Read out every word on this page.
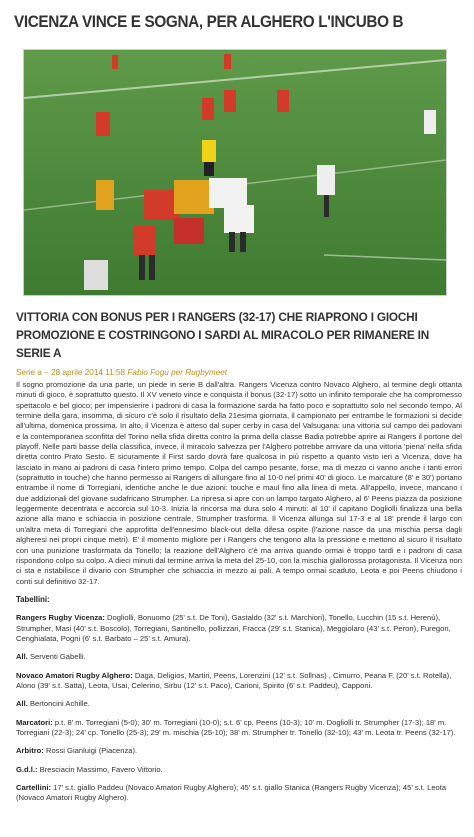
VICENZA VINCE E SOGNA, PER ALGHERO L'INCUBO B
VITTORIA CON BONUS PER I RANGERS (32-17) CHE RIAPRONO I GIOCHI PROMOZIONE E COSTRINGONO I SARDI AL MIRACOLO PER RIMANERE IN SERIE A
Serie a – 28 aprile 2014 11:58 Fabio Fogu per Rugbymeet
Il sogno promozione da una parte, un piede in serie B dall'altra. Rangers Vicenza contro Novaco Alghero, al termine degli ottanta minuti di gioco, è soprattutto questo. Il XV veneto vince e conquista il bonus (32-17) sotto un infinito temporale che ha compromesso spettacolo e bel gioco; per impensierire i padroni di casa la formazione sarda ha fatto poco e soprattutto solo nel secondo tempo. Al termine della gara, insomma, di sicuro c'è solo il risultato della 21esima giornata, il campionato per entrambe le formazioni si decide all'ultima, domenica prossima. In alto, il Vicenza è atteso dal super cerby in casa del Valsugana: una vittoria sul campo dei padovani e la contemporanea sconfitta del Torino nella sfida diretta contro la prima della classe Badia potrebbe aprire ai Rangers il portone del playoff. Nelle parti basse della classifica, invece, il miracolo salvezza per l'Alghero potrebbe arrivare da una vittoria 'piena' nella sfida diretta contro Prato Sesto. E sicuramente il First sardo dovrà fare qualcosa in più rispetto a quanto visto ieri a Vicenza, dove ha lasciato in mano ai padroni di casa l'intero primo tempo. Colpa del campo pesante, forse, ma di mezzo ci vanno anche i tanti errori (soprattutto in touche) che hanno permesso ai Rangers di allungare fino al 10-0 nel primi 40' di gioco. Le marcature (8' e 30') portano entrambe il nome di Torregiani, identiche anche le due azioni: touche e maul fino alla linea di meta. All'appello, invece, mancano i due addizionali del giovane sudafricano Strumpher. La ripresa si apre con un lampo targato Alghero, al 6' Peens piazza da posizione leggermente decentrata e accorcia sul 10-3. Inizia la rincorsa ma dura solo 4 minuti: al 10' il capitano Dogliolli finalizza una bella azione alla mano e schiaccia in posizione centrale, Strumpher trasforma. Il Vicenza allunga sul 17-3 e al 18' prende il largo con un'altra meta di Torregiani che approfitta dell'ennesimo black-out della difesa ospite (l'azione nasce da una mischia persa dagli algheresi nei propri cinque metri). E' il momento migliore per i Rangers che tengono alta la pressione e mettono al sicuro il risultato con una punizione trasformata da Tonello; la reazione dell'Alghero c'è ma arriva quando ormai è troppo tardi e i padroni di casa rispondono colpo su colpo. A dieci minuti dal termine arriva la meta del 25-10, con la mischia giallorossa protagonista. Il Vicenza non ci sta e ristabilisce il divario con Strumpher che schiaccia in mezzo ai pali. A tempo ormai scaduto, Leota e poi Peens chiudono i conti sul definitivo 32-17.
Tabellini:
Rangers Rugby Vicenza: Dogliolli, Bonuomo (25' s.t. De Toni), Gastaldo (32' s.t. Marchiori), Tonello, Lucchin (15 s.t. Herenù), Strumpher, Masi (40' s.t. Boscolo), Torregiani, Santinello, pollizzari, Fracca (29' s.t. Stanica), Meggiolaro (43' s.t. Peron), Furegon, Cenghialata, Pogni (6' s.t. Barbato – 25' s.t. Amura).
All. Serventi Gabelli.
Novaco Amatori Rugby Alghero: Daga, Deligios, Martiri, Peens, Lorenzini (12' s.t. Sollnas) , Cimurro, Peana F. (20' s.t. Rotella), Alono (39' s.t. Satta), Leota, Usai, Celerino, Sirbu (12' s.t. Paco), Carioni, Spirito (6' s.t. Paddeu), Capponi.
All. Bertoncini Achille.
Marcatori: p.t. 8' m. Torregiani (5-0); 30' m. Torregiani (10-0); s.t. 6' cp. Peens (10-3); 10' m. Dogliolli tr. Strumpher (17-3); 18' m. Torregiani (22-3); 24' cp. Tonello (25-3); 29' m. mischia (25-10); 38' m. Strumpher tr. Tonello (32-10); 43' m. Leota tr. Peens (32-17).
Arbitro: Rossi Gianluigi (Piacenza).
G.d.l.: Bresciacin Massimo, Favero Vittorio.
Cartellini: 17' s.t. giallo Paddeu (Novaco Amatori Rugby Alghero); 45' s.t. giallo Stanica (Rangers Rugby Vicenza); 45' s.t. Leota (Novaco Amatori Rugby Alghero).
